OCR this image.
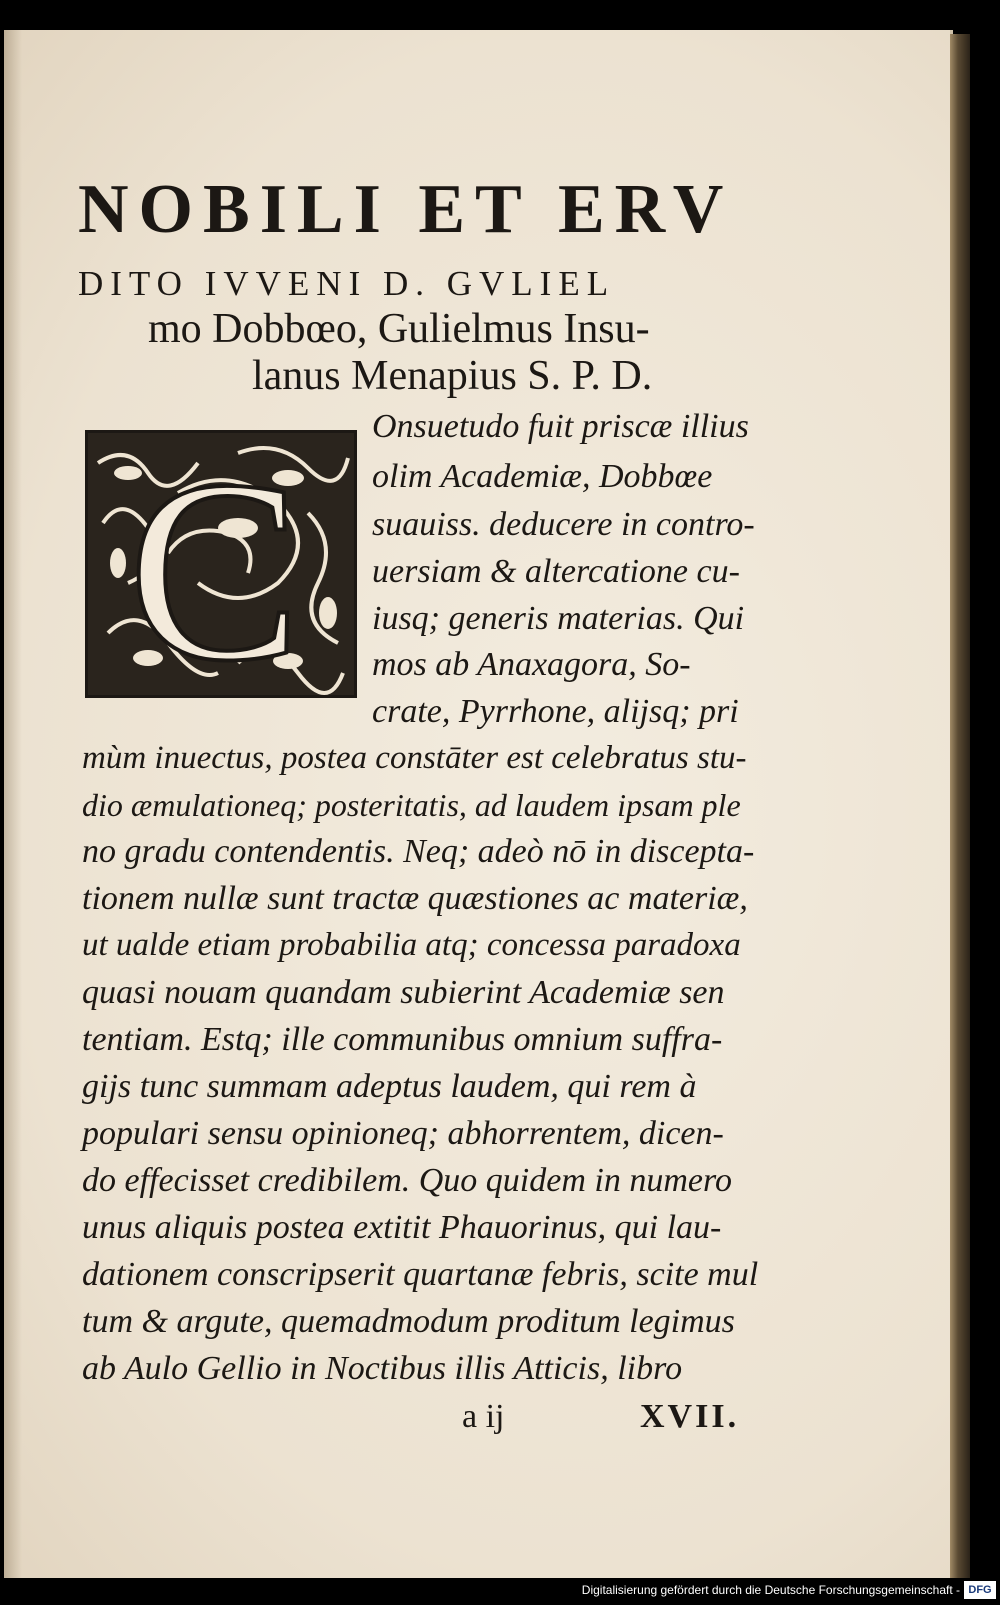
NOBILI ET ERV
DITO IVVENI D. GVLIEL
mo Dobbœo, Gulielmus Insu-
lanus Menapius S. P. D.
C
Onsuetudo fuit priscæ illius
olim Academiæ, Dobbœe
suauiss. deducere in contro-
uersiam & altercatione cu-
iusq; generis materias. Qui
mos ab Anaxagora, So-
crate, Pyrrhone, alijsq; pri
mùm inuectus, postea constāter est celebratus stu-
dio æmulationeq; posteritatis, ad laudem ipsam ple
no gradu contendentis. Neq; adeò nō in discepta-
tionem nullæ sunt tractæ quæstiones ac materiæ,
ut ualde etiam probabilia atq; concessa paradoxa
quasi nouam quandam subierint Academiæ sen
tentiam. Estq; ille communibus omnium suffra-
gijs tunc summam adeptus laudem, qui rem à
populari sensu opinioneq; abhorrentem, dicen-
do effecisset credibilem. Quo quidem in numero
unus aliquis postea extitit Phauorinus, qui lau-
dationem conscripserit quartanæ febris, scite mul
tum & argute, quemadmodum proditum legimus
ab Aulo Gellio in Noctibus illis Atticis, libro
a ij	XVII.
Digitalisierung gefördert durch die Deutsche Forschungsgemeinschaft - DFG
